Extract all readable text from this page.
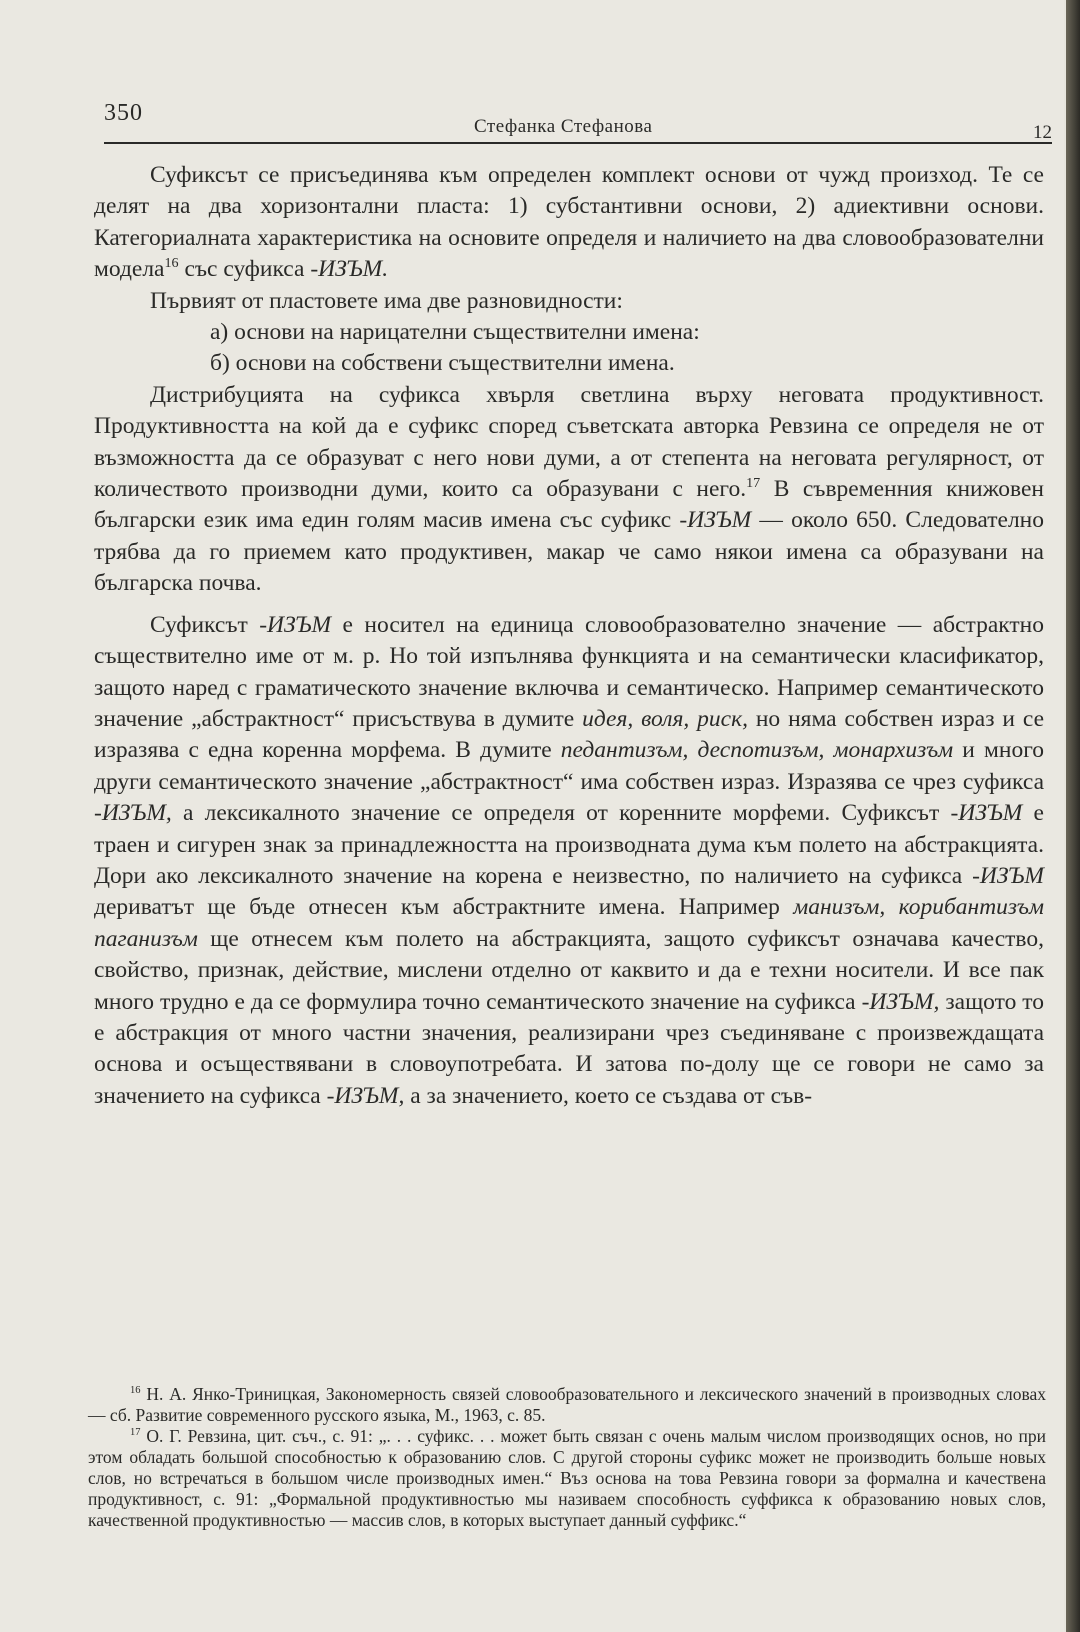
350
Стефанка Стефанова	12

Суфиксът се присъединява към определен комплект основи от чужд произход. Те се делят на два хоризонтални пласта: 1) субстантивни основи, 2) адиективни основи. Категориалната характеристика на основите определя и наличието на два словообразователни модела$^{16}$ със суфикса -ИЗЪМ.

Първият от пластовете има две разновидности:

а) основи на нарицателни съществителни имена:

б) основи на собствени съществителни имена.

Дистрибуцията на суфикса хвърля светлина върху неговата продуктивност. Продуктивността на кой да е суфикс според съветската авторка Ревзина се определя не от възможността да се образуват с него нови думи, а от степента на неговата регулярност, от количеството производни думи, които са образувани с него.$^{17}$ В съвременния книжовен български език има един голям масив имена със суфикс -ИЗЪМ — около 650. Следователно трябва да го приемем като продуктивен, макар че само някои имена са образувани на българска почва.

Суфиксът -ИЗЪМ е носител на единица словообразователно значение — абстрактно съществително име от м. р. Но той изпълнява функцията и на семантически класификатор, защото наред с граматическото значение включва и семантическо. Например семантическото значение „абстрактност“ присъствува в думите идея, воля, риск, но няма собствен израз и се изразява с една коренна морфема. В думите педантизъм, деспотизъм, монархизъм и много други семантическото значение „абстрактност“ има собствен израз. Изразява се чрез суфикса -ИЗЪМ, а лексикалното значение се определя от коренните морфеми. Суфиксът -ИЗЪМ е траен и сигурен знак за принадлежността на производната дума към полето на абстракцията. Дори ако лексикалното значение на корена е неизвестно, по наличието на суфикса -ИЗЪМ дериватът ще бъде отнесен към абстрактните имена. Например манизъм, корибантизъм паганизъм ще отнесем към полето на абстракцията, защото суфиксът означава качество, свойство, признак, действие, мислени отделно от каквито и да е техни носители. И все пак много трудно е да се формулира точно семантическото значение на суфикса -ИЗЪМ, защото то е абстракция от много частни значения, реализирани чрез съединяване с произвеждащата основа и осъществявани в словоупотребата. И затова по-долу ще се говори не само за значението на суфикса -ИЗЪМ, а за значението, което се създава от съв-

$^{16}$ Н. А. Янко-Триницкая, Закономерность связей словообразовательного и лексического значений в производных словах — сб. Развитие современного русского языка, М., 1963, с. 85.

$^{17}$ О. Г. Ревзина, цит. съч., с. 91: „. . . суфикс. . . может быть связан с очень малым числом производящих основ, но при этом обладать большой способностью к образованию слов. С другой стороны суфикс может не производить больше новых слов, но встречаться в большом числе производных имен.“ Въз основа на това Ревзина говори за формална и качествена продуктивност, с. 91: „Формальной продуктивностью мы називаем способность суффикса к образованию новых слов, качественной продуктивностью — массив слов, в которых выступает данный суффикс.“
